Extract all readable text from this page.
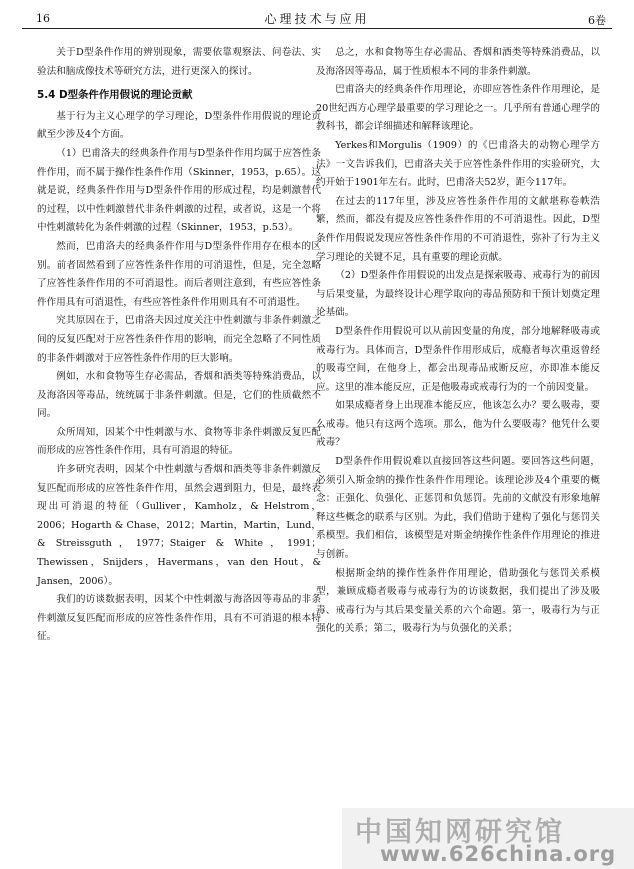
16	心理技术与应用	6卷

关于D型条件作用的辨别现象，需要依靠观察法、问卷法、实验法和脑成像技术等研究方法，进行更深入的探讨。

5.4 D型条件作用假说的理论贡献

基于行为主义心理学的学习理论，D型条件作用假说的理论贡献至少涉及4个方面。

（1）巴甫洛夫的经典条件作用与D型条件作用均属于应答性条件作用，而不属于操作性条件作用（Skinner，1953，p.65）。这就是说，经典条件作用与D型条件作用的形成过程，均是刺激替代的过程，以中性刺激替代非条件刺激的过程，或者说，这是一个将中性刺激转化为条件刺激的过程（Skinner，1953，p.53）。

然而，巴甫洛夫的经典条件作用与D型条件作用存在根本的区别。前者固然看到了应答性条件作用的可消退性，但是，完全忽略了应答性条件作用的不可消退性。而后者则注意到，有些应答性条件作用具有可消退性，有些应答性条件作用则具有不可消退性。

究其原因在于，巴甫洛夫因过度关注中性刺激与非条件刺激之间的反复匹配对于应答性条件作用的影响，而完全忽略了不同性质的非条件刺激对于应答性条件作用的巨大影响。

例如，水和食物等生存必需品，香烟和酒类等特殊消费品，以及海洛因等毒品，统统属于非条件刺激。但是，它们的性质截然不同。

众所周知，因某个中性刺激与水、食物等非条件刺激反复匹配而形成的应答性条件作用，具有可消退的特征。

许多研究表明，因某个中性刺激与香烟和酒类等非条件刺激反复匹配而形成的应答性条件作用，虽然会遇到阻力，但是，最终表现出可消退的特征（Gulliver，Kamholz，& Helstrom，2006；Hogarth & Chase，2012；Martin，Martin，Lund，& Streissguth，1977；Staiger & White，1991；Thewissen，Snijders，Havermans，van den Hout，& Jansen，2006）。

我们的访谈数据表明，因某个中性刺激与海洛因等毒品的非条件刺激反复匹配而形成的应答性条件作用，具有不可消退的根本特征。

总之，水和食物等生存必需品、香烟和酒类等特殊消费品，以及海洛因等毒品，属于性质根本不同的非条件刺激。

巴甫洛夫的经典条件作用理论，亦即应答性条件作用理论，是20世纪西方心理学最重要的学习理论之一。几乎所有普通心理学的教科书，都会详细描述和解释该理论。

Yerkes和Morgulis（1909）的《巴甫洛夫的动物心理学方法》一文告诉我们，巴甫洛夫关于应答性条件作用的实验研究，大约开始于1901年左右。此时，巴甫洛夫52岁，距今117年。

在过去的117年里，涉及应答性条件作用的文献堪称卷帙浩繁，然而，都没有提及应答性条件作用的不可消退性。因此，D型条件作用假说发现应答性条件作用的不可消退性，弥补了行为主义学习理论的关键不足，具有重要的理论贡献。

（2）D型条件作用假说的出发点是探索吸毒、戒毒行为的前因与后果变量，为最终设计心理学取向的毒品预防和干预计划奠定理论基础。

D型条件作用假说可以从前因变量的角度，部分地解释吸毒或戒毒行为。具体而言，D型条件作用形成后，成瘾者每次重返曾经的吸毒空间，在他身上，都会出现毒品戒断反应，亦即准本能反应。这里的准本能反应，正是他吸毒或戒毒行为的一个前因变量。

如果成瘾者身上出现准本能反应，他该怎么办？要么吸毒，要么戒毒。他只有这两个选项。那么，他为什么要吸毒？他凭什么要戒毒？

D型条件作用假说难以直接回答这些问题。要回答这些问题，必须引入斯金纳的操作性条件作用理论。该理论涉及4个重要的概念：正强化、负强化、正惩罚和负惩罚。先前的文献没有形象地解释这些概念的联系与区别。为此，我们借助于建构了强化与惩罚关系模型。我们相信，该模型是对斯金纳操作性条件作用理论的推进与创新。

根据斯金纳的操作性条件作用理论，借助强化与惩罚关系模型，兼顾成瘾者吸毒与戒毒行为的访谈数据，我们提出了涉及吸毒、戒毒行为与其后果变量关系的六个命题。第一，吸毒行为与正强化的关系；第二，吸毒行为与负强化的关系；

中国知网研究馆
www.626china.org
